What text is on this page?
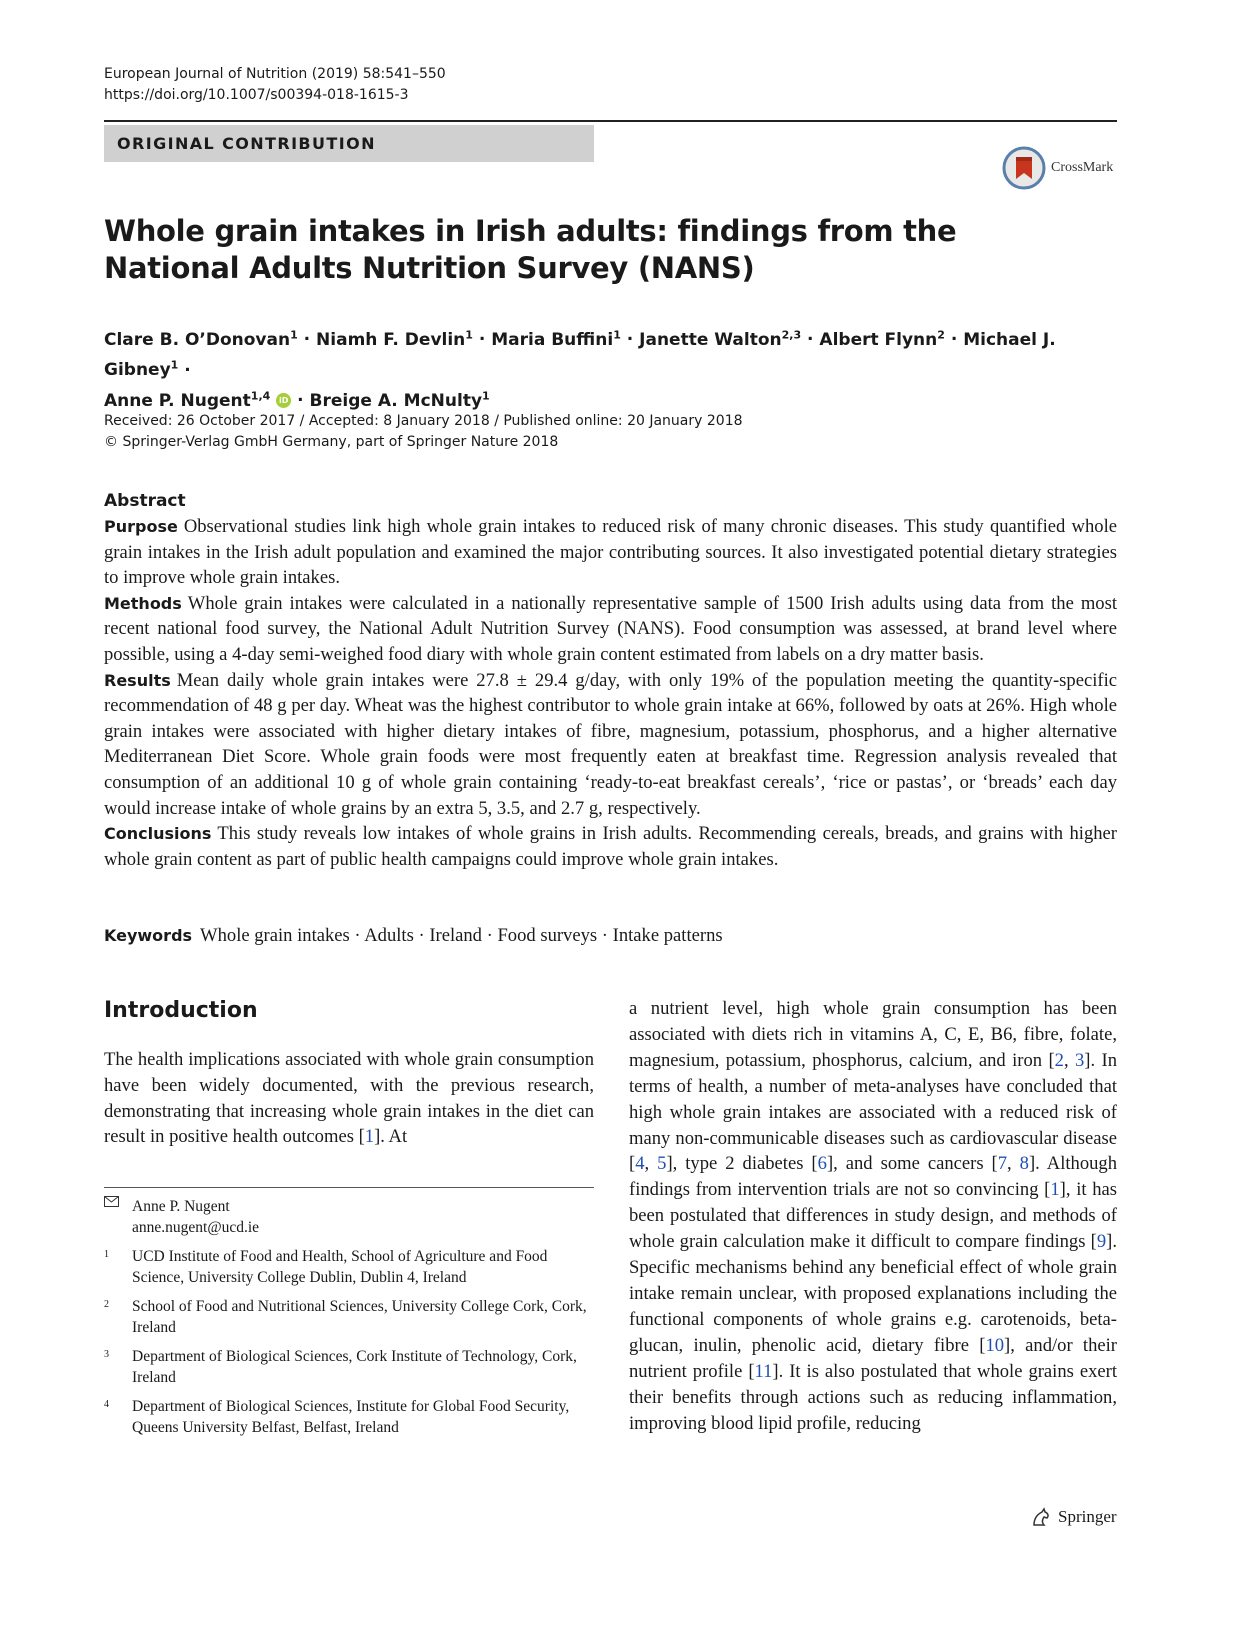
European Journal of Nutrition (2019) 58:541–550
https://doi.org/10.1007/s00394-018-1615-3
ORIGINAL CONTRIBUTION
CrossMark
Whole grain intakes in Irish adults: findings from the National Adults Nutrition Survey (NANS)
Clare B. O’Donovan$^1$ · Niamh F. Devlin$^1$ · Maria Buffini$^1$ · Janette Walton$^{2,3}$ · Albert Flynn$^2$ · Michael J. Gibney$^1$ ·
Anne P. Nugent$^{1,4}$ iD · Breige A. McNulty$^1$
Received: 26 October 2017 / Accepted: 8 January 2018 / Published online: 20 January 2018
© Springer-Verlag GmbH Germany, part of Springer Nature 2018
Abstract
Purpose Observational studies link high whole grain intakes to reduced risk of many chronic diseases. This study quantified whole grain intakes in the Irish adult population and examined the major contributing sources. It also investigated potential dietary strategies to improve whole grain intakes.
Methods Whole grain intakes were calculated in a nationally representative sample of 1500 Irish adults using data from the most recent national food survey, the National Adult Nutrition Survey (NANS). Food consumption was assessed, at brand level where possible, using a 4-day semi-weighed food diary with whole grain content estimated from labels on a dry matter basis.
Results Mean daily whole grain intakes were 27.8 ± 29.4 g/day, with only 19% of the population meeting the quantity-specific recommendation of 48 g per day. Wheat was the highest contributor to whole grain intake at 66%, followed by oats at 26%. High whole grain intakes were associated with higher dietary intakes of fibre, magnesium, potassium, phosphorus, and a higher alternative Mediterranean Diet Score. Whole grain foods were most frequently eaten at breakfast time. Regression analysis revealed that consumption of an additional 10 g of whole grain containing ‘ready-to-eat breakfast cereals’, ‘rice or pastas’, or ‘breads’ each day would increase intake of whole grains by an extra 5, 3.5, and 2.7 g, respectively.
Conclusions This study reveals low intakes of whole grains in Irish adults. Recommending cereals, breads, and grains with higher whole grain content as part of public health campaigns could improve whole grain intakes.
Keywords Whole grain intakes · Adults · Ireland · Food surveys · Intake patterns
Introduction

The health implications associated with whole grain consumption have been widely documented, with the previous research, demonstrating that increasing whole grain intakes in the diet can result in positive health outcomes [1]. At

Anne P. Nugent
anne.nugent@ucd.ie
1	UCD Institute of Food and Health, School of Agriculture and Food Science, University College Dublin, Dublin 4, Ireland
2	School of Food and Nutritional Sciences, University College Cork, Cork, Ireland
3	Department of Biological Sciences, Cork Institute of Technology, Cork, Ireland
4	Department of Biological Sciences, Institute for Global Food Security, Queens University Belfast, Belfast, Ireland

a nutrient level, high whole grain consumption has been associated with diets rich in vitamins A, C, E, B6, fibre, folate, magnesium, potassium, phosphorus, calcium, and iron [2, 3]. In terms of health, a number of meta-analyses have concluded that high whole grain intakes are associated with a reduced risk of many non-communicable diseases such as cardiovascular disease [4, 5], type 2 diabetes [6], and some cancers [7, 8]. Although findings from intervention trials are not so convincing [1], it has been postulated that differences in study design, and methods of whole grain calculation make it difficult to compare findings [9]. Specific mechanisms behind any beneficial effect of whole grain intake remain unclear, with proposed explanations including the functional components of whole grains e.g. carotenoids, beta-glucan, inulin, phenolic acid, dietary fibre [10], and/or their nutrient profile [11]. It is also postulated that whole grains exert their benefits through actions such as reducing inflammation, improving blood lipid profile, reducing

Springer
